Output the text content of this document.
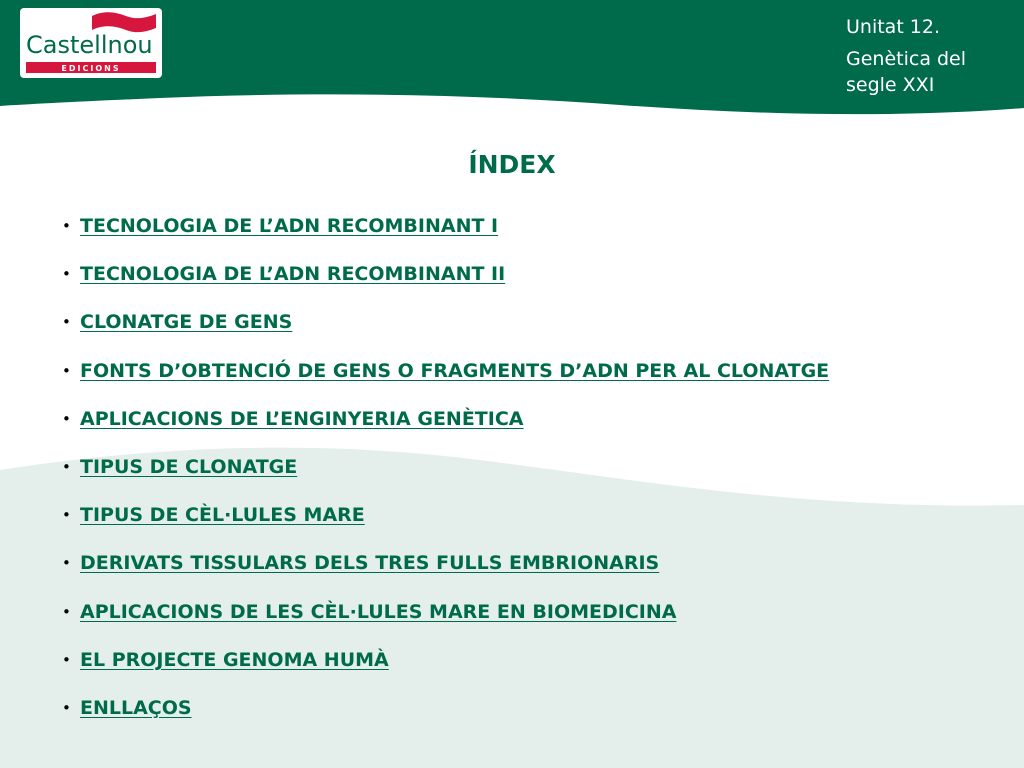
Castellnou
EDICIONS
Unitat 12.
Genètica del
segle XXI
ÍNDEX
• TECNOLOGIA DE L’ADN RECOMBINANT I
• TECNOLOGIA DE L’ADN RECOMBINANT II
• CLONATGE DE GENS
• FONTS D’OBTENCIÓ DE GENS O FRAGMENTS D’ADN PER AL CLONATGE
• APLICACIONS DE L’ENGINYERIA GENÈTICA
• TIPUS DE CLONATGE
• TIPUS DE CÈL·LULES MARE
• DERIVATS TISSULARS DELS TRES FULLS EMBRIONARIS
• APLICACIONS DE LES CÈL·LULES MARE EN BIOMEDICINA
• EL PROJECTE GENOMA HUMÀ
• ENLLAÇOS
